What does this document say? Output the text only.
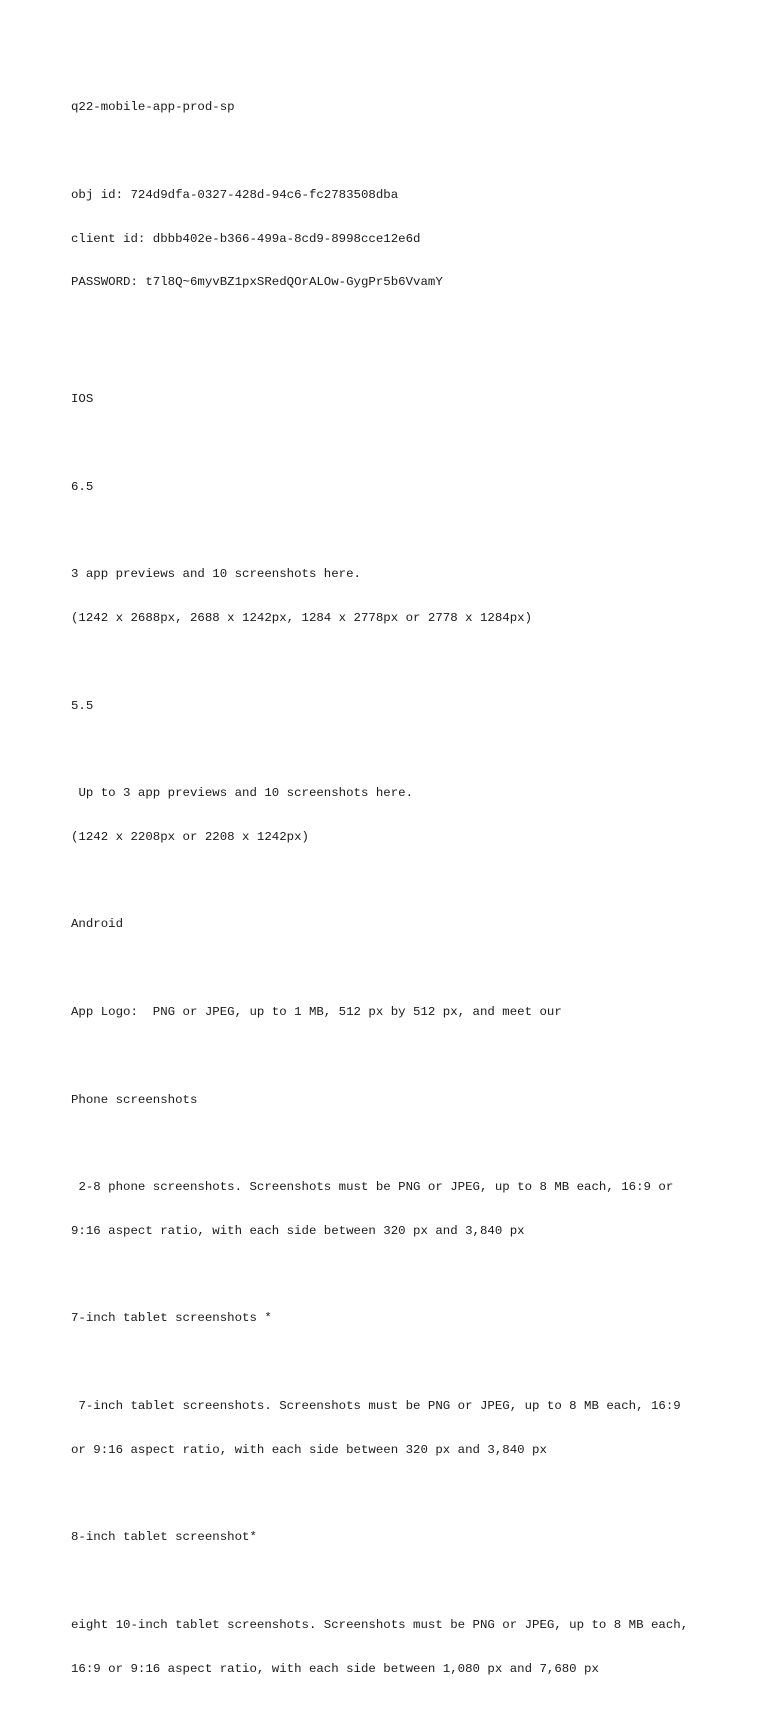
q22-mobile-app-prod-sp

obj id: 724d9dfa-0327-428d-94c6-fc2783508dba

client id: dbbb402e-b366-499a-8cd9-8998cce12e6d

PASSWORD: t7l8Q~6myvBZ1pxSRedQOrALOw-GygPr5b6VvamY

IOS

6.5

3 app previews and 10 screenshots here.

(1242 x 2688px, 2688 x 1242px, 1284 x 2778px or 2778 x 1284px)

5.5

Up to 3 app previews and 10 screenshots here.

(1242 x 2208px or 2208 x 1242px)

Android

App Logo:  PNG or JPEG, up to 1 MB, 512 px by 512 px, and meet our

Phone screenshots

2-8 phone screenshots. Screenshots must be PNG or JPEG, up to 8 MB each, 16:9 or

9:16 aspect ratio, with each side between 320 px and 3,840 px

7-inch tablet screenshots *

7-inch tablet screenshots. Screenshots must be PNG or JPEG, up to 8 MB each, 16:9

or 9:16 aspect ratio, with each side between 320 px and 3,840 px

8-inch tablet screenshot*

eight 10-inch tablet screenshots. Screenshots must be PNG or JPEG, up to 8 MB each,

16:9 or 9:16 aspect ratio, with each side between 1,080 px and 7,680 px
